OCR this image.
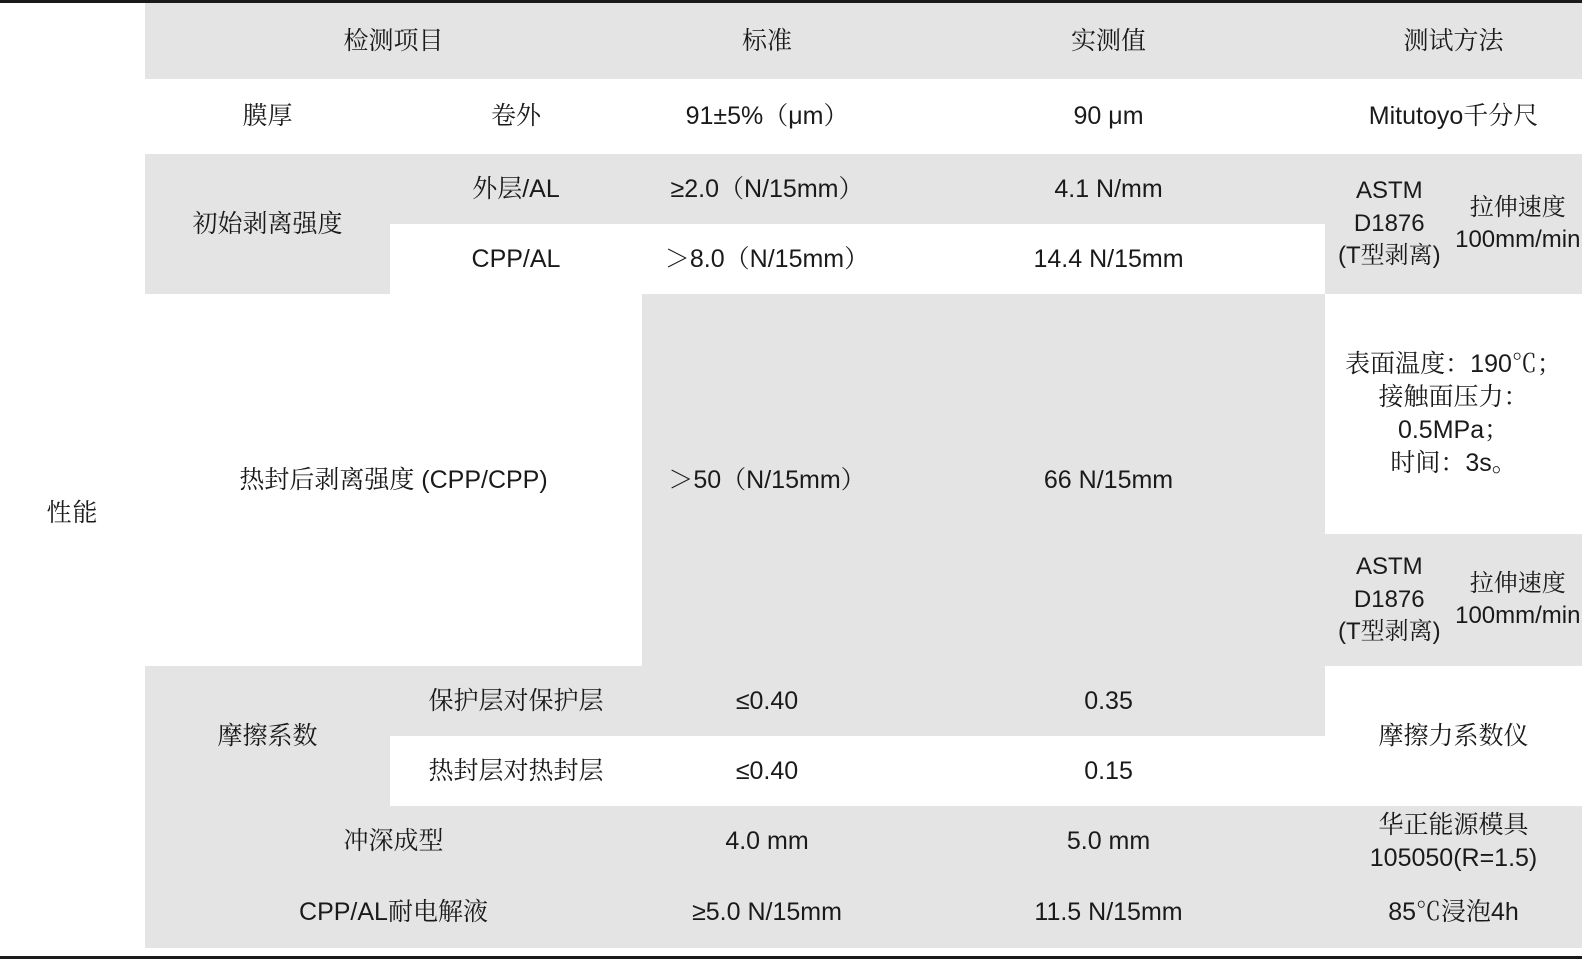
	检测项目		标准	实测值	测试方法
性能	膜厚	卷外	91±5%（μm）	90 μm	Mitutoyo千分尺
	初始剥离强度	外层/AL	≥2.0（N/15mm）	4.1 N/mm	ASTM D1876
(T型剥离)
拉伸速度
100mm/min

		CPP/AL	＞8.0（N/15mm）	14.4 N/15mm	
	热封后剥离强度 (CPP/CPP)		＞50（N/15mm）	66 N/15mm	表面温度：190℃；
接触面压力：0.5MPa；
时间：3s。

					ASTM D1876
(T型剥离)
拉伸速度
100mm/min

	摩擦系数	保护层对保护层	≤0.40	0.35	摩擦力系数仪
		热封层对热封层	≤0.40	0.15	
	冲深成型		4.0 mm	5.0 mm	华正能源模具105050(R=1.5)
	CPP/AL耐电解液		≥5.0 N/15mm	11.5 N/15mm	85℃浸泡4h
